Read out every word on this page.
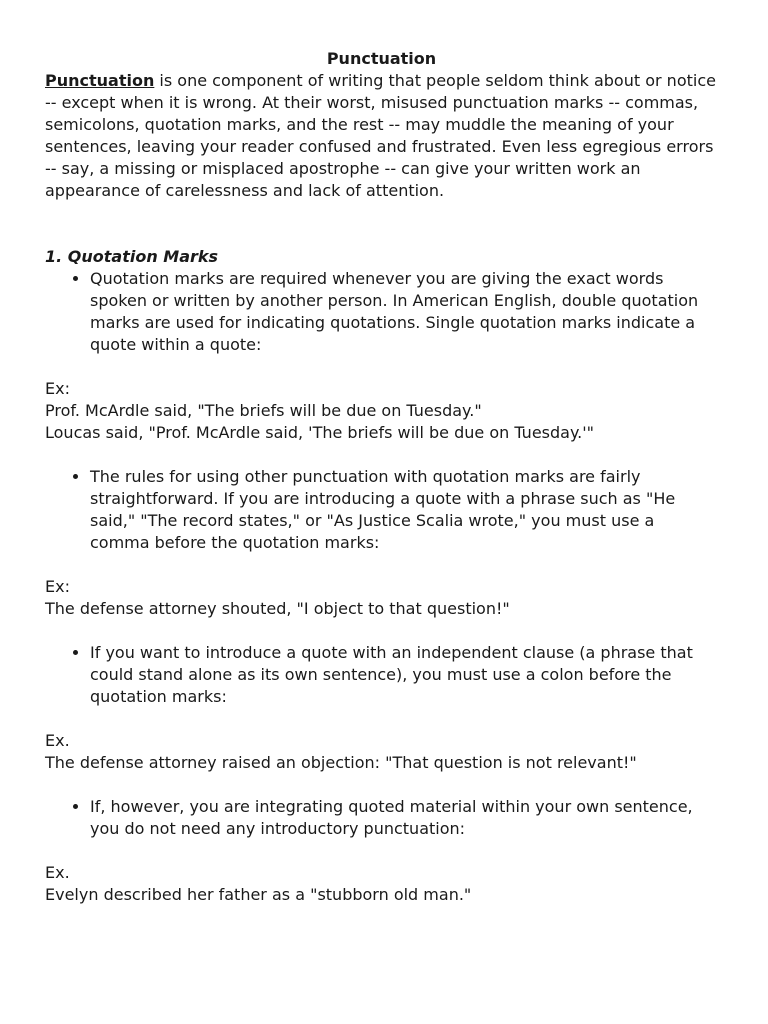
Punctuation

Punctuation is one component of writing that people seldom think about or notice -- except when it is wrong. At their worst, misused punctuation marks -- commas, semicolons, quotation marks, and the rest -- may muddle the meaning of your sentences, leaving your reader confused and frustrated. Even less egregious errors -- say, a missing or misplaced apostrophe -- can give your written work an appearance of carelessness and lack of attention.

1. Quotation Marks

• Quotation marks are required whenever you are giving the exact words spoken or written by another person. In American English, double quotation marks are used for indicating quotations. Single quotation marks indicate a quote within a quote:

Ex:

Prof. McArdle said, "The briefs will be due on Tuesday."

Loucas said, "Prof. McArdle said, 'The briefs will be due on Tuesday.'"

• The rules for using other punctuation with quotation marks are fairly straightforward. If you are introducing a quote with a phrase such as "He said," "The record states," or "As Justice Scalia wrote," you must use a comma before the quotation marks:

Ex:

The defense attorney shouted, "I object to that question!"

• If you want to introduce a quote with an independent clause (a phrase that could stand alone as its own sentence), you must use a colon before the quotation marks:

Ex.

The defense attorney raised an objection: "That question is not relevant!"

• If, however, you are integrating quoted material within your own sentence, you do not need any introductory punctuation:

Ex.

Evelyn described her father as a "stubborn old man."
